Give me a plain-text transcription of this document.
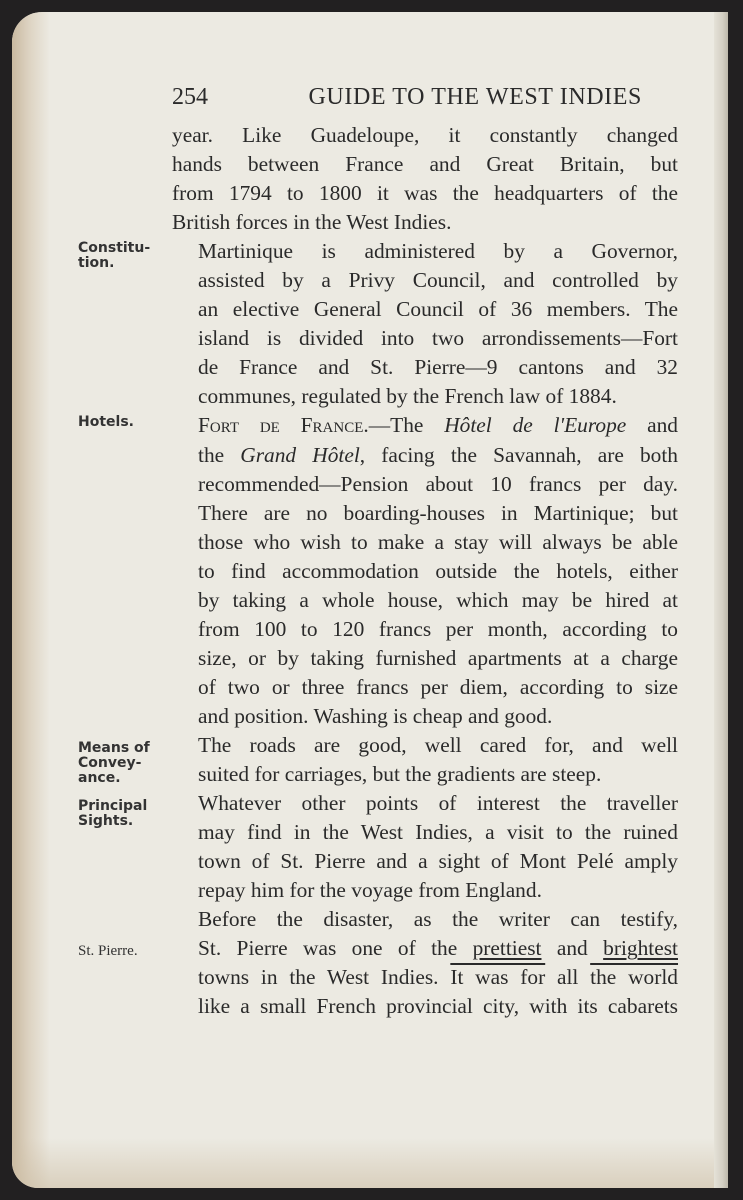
254	GUIDE TO THE WEST INDIES
Constitu-
tion.
Hotels.
Means of
Convey-
ance.
Principal
Sights.
St. Pierre.

year. Like Guadeloupe, it constantly changed
hands between France and Great Britain, but
from 1794 to 1800 it was the headquarters of the
British forces in the West Indies.

Martinique is administered by a Governor,
assisted by a Privy Council, and controlled by
an elective General Council of 36 members. The
island is divided into two arrondissements—Fort
de France and St. Pierre—9 cantons and 32
communes, regulated by the French law of 1884.

Fort de France.—The Hôtel de l'Europe and
the Grand Hôtel, facing the Savannah, are both
recommended—Pension about 10 francs per day.
There are no boarding-houses in Martinique; but
those who wish to make a stay will always be able
to find accommodation outside the hotels, either
by taking a whole house, which may be hired at
from 100 to 120 francs per month, according to
size, or by taking furnished apartments at a charge
of two or three francs per diem, according to size
and position. Washing is cheap and good.

The roads are good, well cared for, and well
suited for carriages, but the gradients are steep.

Whatever other points of interest the traveller
may find in the West Indies, a visit to the ruined
town of St. Pierre and a sight of Mont Pelé amply
repay him for the voyage from England.

Before the disaster, as the writer can testify,
St. Pierre was one of the prettiest and brightest
towns in the West Indies. It was for all the world
like a small French provincial city, with its cabarets
